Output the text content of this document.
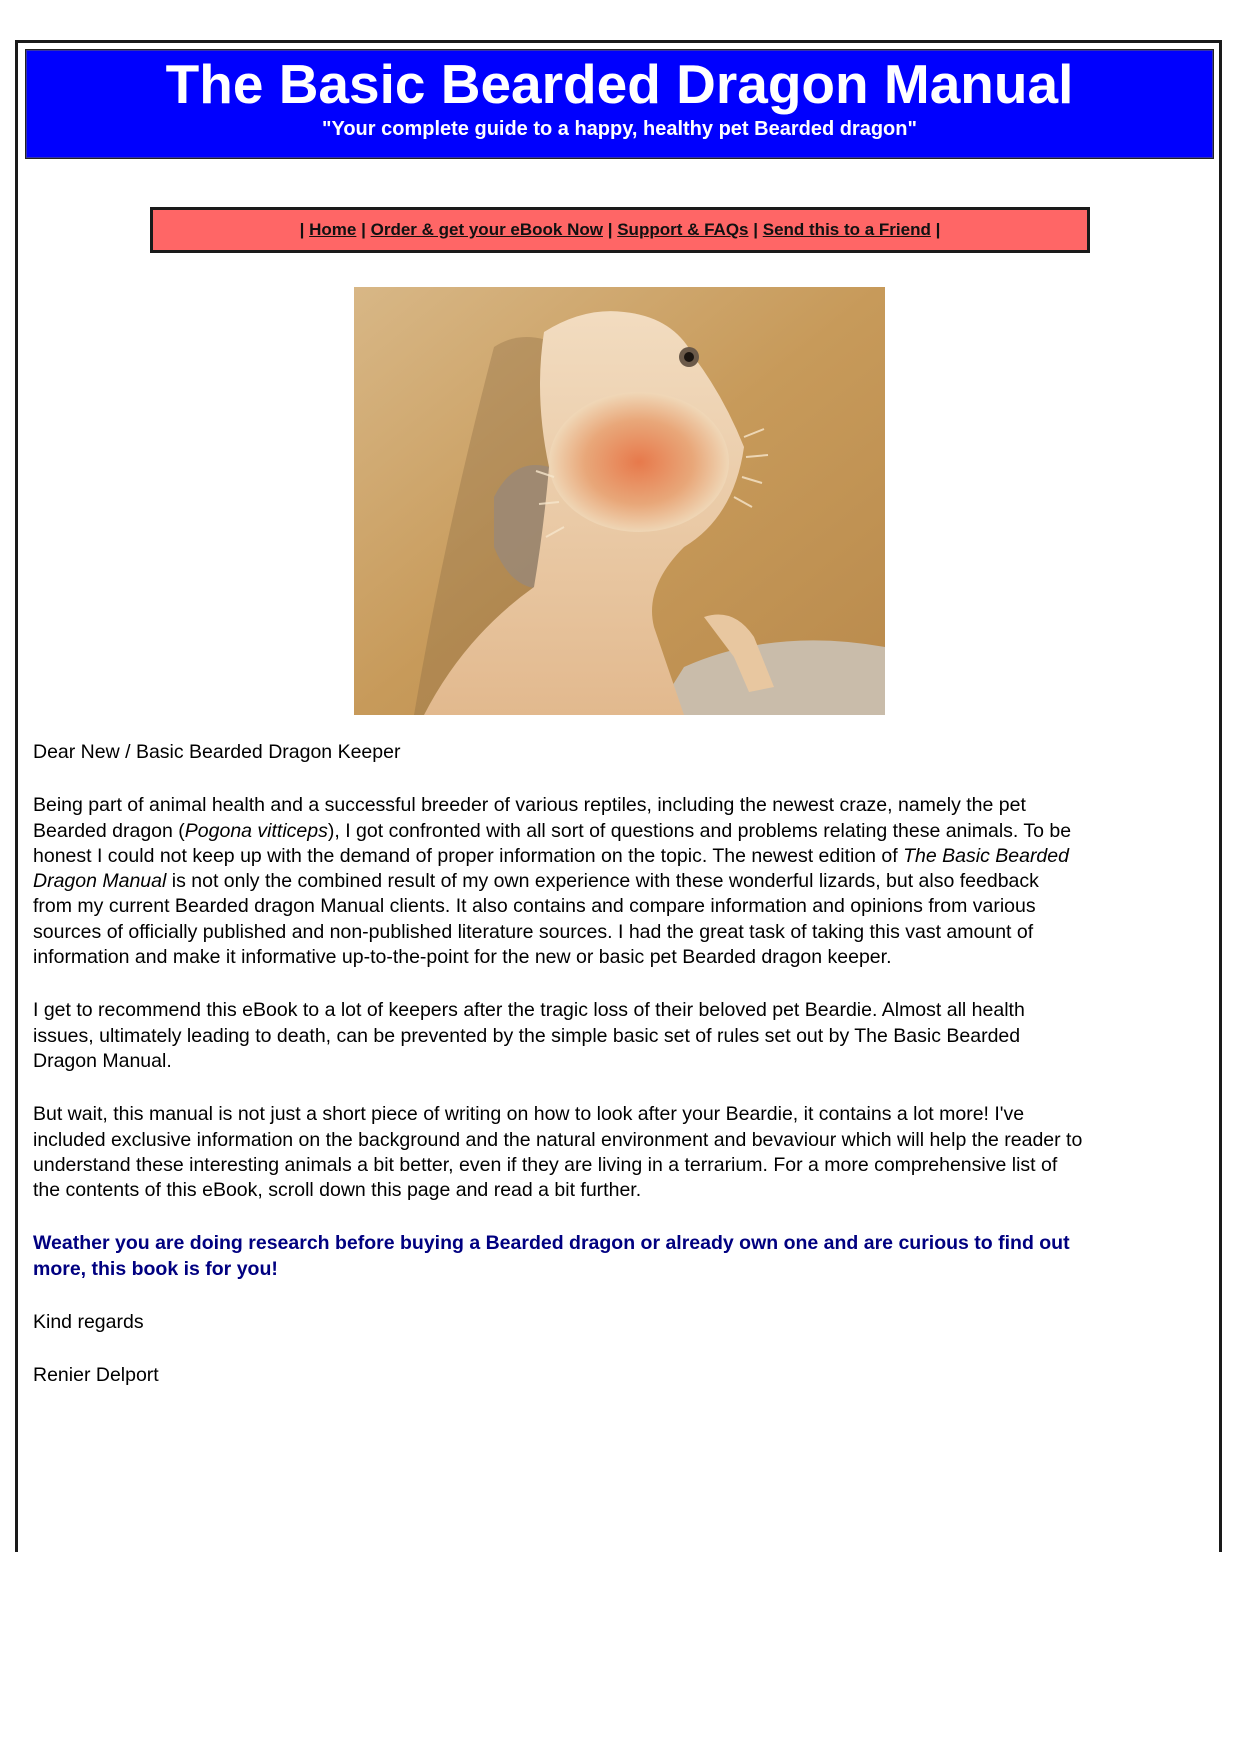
The Basic Bearded Dragon Manual
"Your complete guide to a happy, healthy pet Bearded dragon"
| Home | Order & get your eBook Now | Support & FAQs | Send this to a Friend |

Dear New / Basic Bearded Dragon Keeper

Being part of animal health and a successful breeder of various reptiles, including the newest craze, namely the pet Bearded dragon (Pogona vitticeps), I got confronted with all sort of questions and problems relating these animals. To be honest I could not keep up with the demand of proper information on the topic. The newest edition of The Basic Bearded Dragon Manual is not only the combined result of my own experience with these wonderful lizards, but also feedback from my current Bearded dragon Manual clients. It also contains and compare information and opinions from various sources of officially published and non-published literature sources. I had the great task of taking this vast amount of information and make it informative up-to-the-point for the new or basic pet Bearded dragon keeper.

I get to recommend this eBook to a lot of keepers after the tragic loss of their beloved pet Beardie. Almost all health issues, ultimately leading to death, can be prevented by the simple basic set of rules set out by The Basic Bearded Dragon Manual.

But wait, this manual is not just a short piece of writing on how to look after your Beardie, it contains a lot more! I've included exclusive information on the background and the natural environment and bevaviour which will help the reader to understand these interesting animals a bit better, even if they are living in a terrarium. For a more comprehensive list of the contents of this eBook, scroll down this page and read a bit further.

Weather you are doing research before buying a Bearded dragon or already own one and are curious to find out more, this book is for you!

Kind regards

Renier Delport
